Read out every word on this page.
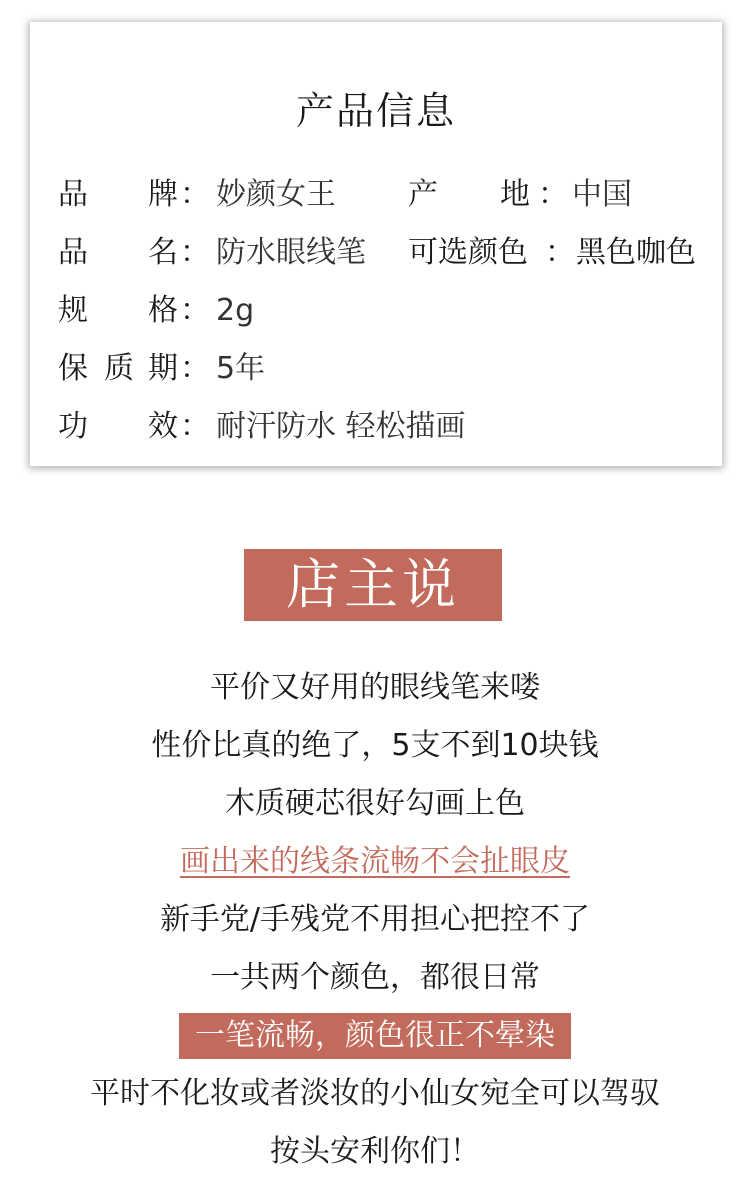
产品信息
品 牌 ： 妙颜女王 产 地 ： 中国
品 名 ： 防水眼线笔 可选颜色 ： 黑色咖色
规 格 ： 2g
保 质 期 ： 5年
功 效 ： 耐汗防水 轻松描画
店主说
平价又好用的眼线笔来喽
性价比真的绝了，5支不到10块钱
木质硬芯很好勾画上色
画出来的线条流畅不会扯眼皮
新手党/手残党不用担心把控不了
一共两个颜色，都很日常
一笔流畅，颜色很正不晕染
平时不化妆或者淡妆的小仙女宛全可以驾驭
按头安利你们！
